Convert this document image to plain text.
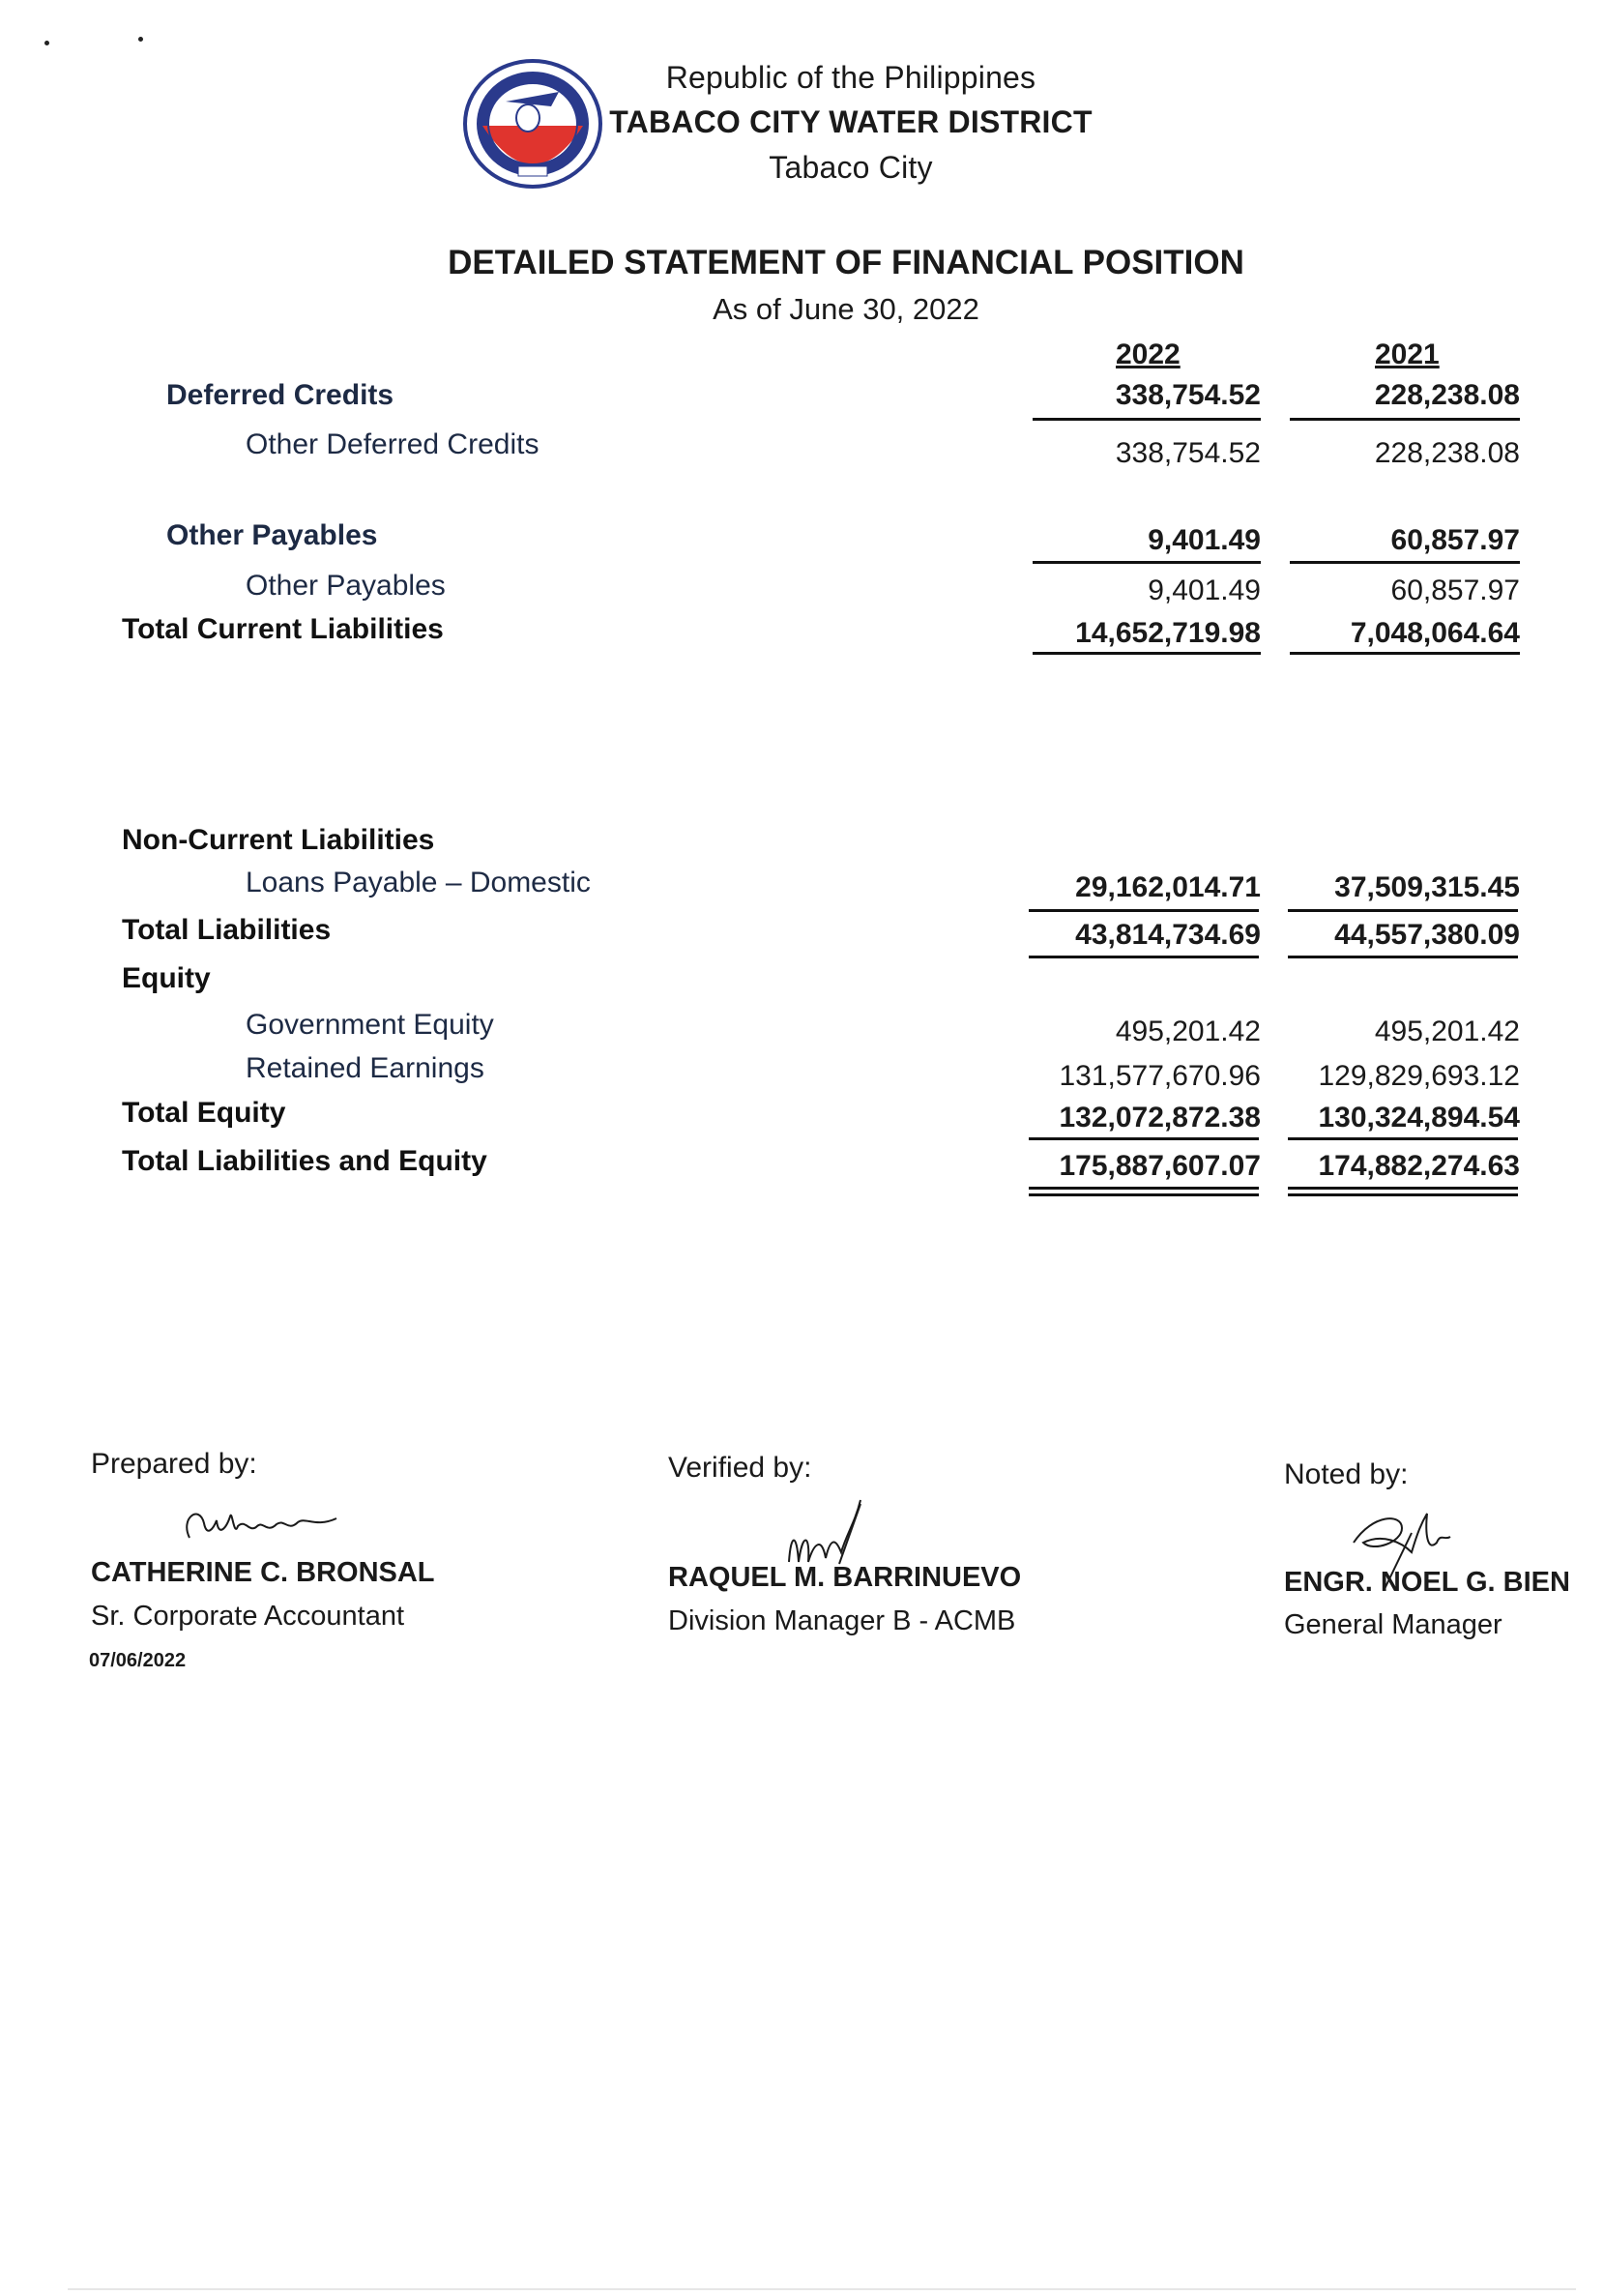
Republic of the Philippines
TABACO CITY WATER DISTRICT
Tabaco City
DETAILED STATEMENT OF FINANCIAL POSITION
As of June 30, 2022
2022	2021
Deferred Credits	338,754.52	228,238.08
Other Deferred Credits	338,754.52	228,238.08
Other Payables	9,401.49	60,857.97
Other Payables	9,401.49	60,857.97
Total Current Liabilities	14,652,719.98	7,048,064.64
Non-Current Liabilities
Loans Payable – Domestic	29,162,014.71	37,509,315.45
Total Liabilities	43,814,734.69	44,557,380.09
Equity
Government Equity	495,201.42	495,201.42
Retained Earnings	131,577,670.96	129,829,693.12
Total Equity	132,072,872.38	130,324,894.54
Total Liabilities and Equity	175,887,607.07	174,882,274.63
Prepared by:
CATHERINE C. BRONSAL
Sr. Corporate Accountant
07/06/2022
Verified by:
RAQUEL M. BARRINUEVO
Division Manager B - ACMB
Noted by:
ENGR. NOEL G. BIEN
General Manager
